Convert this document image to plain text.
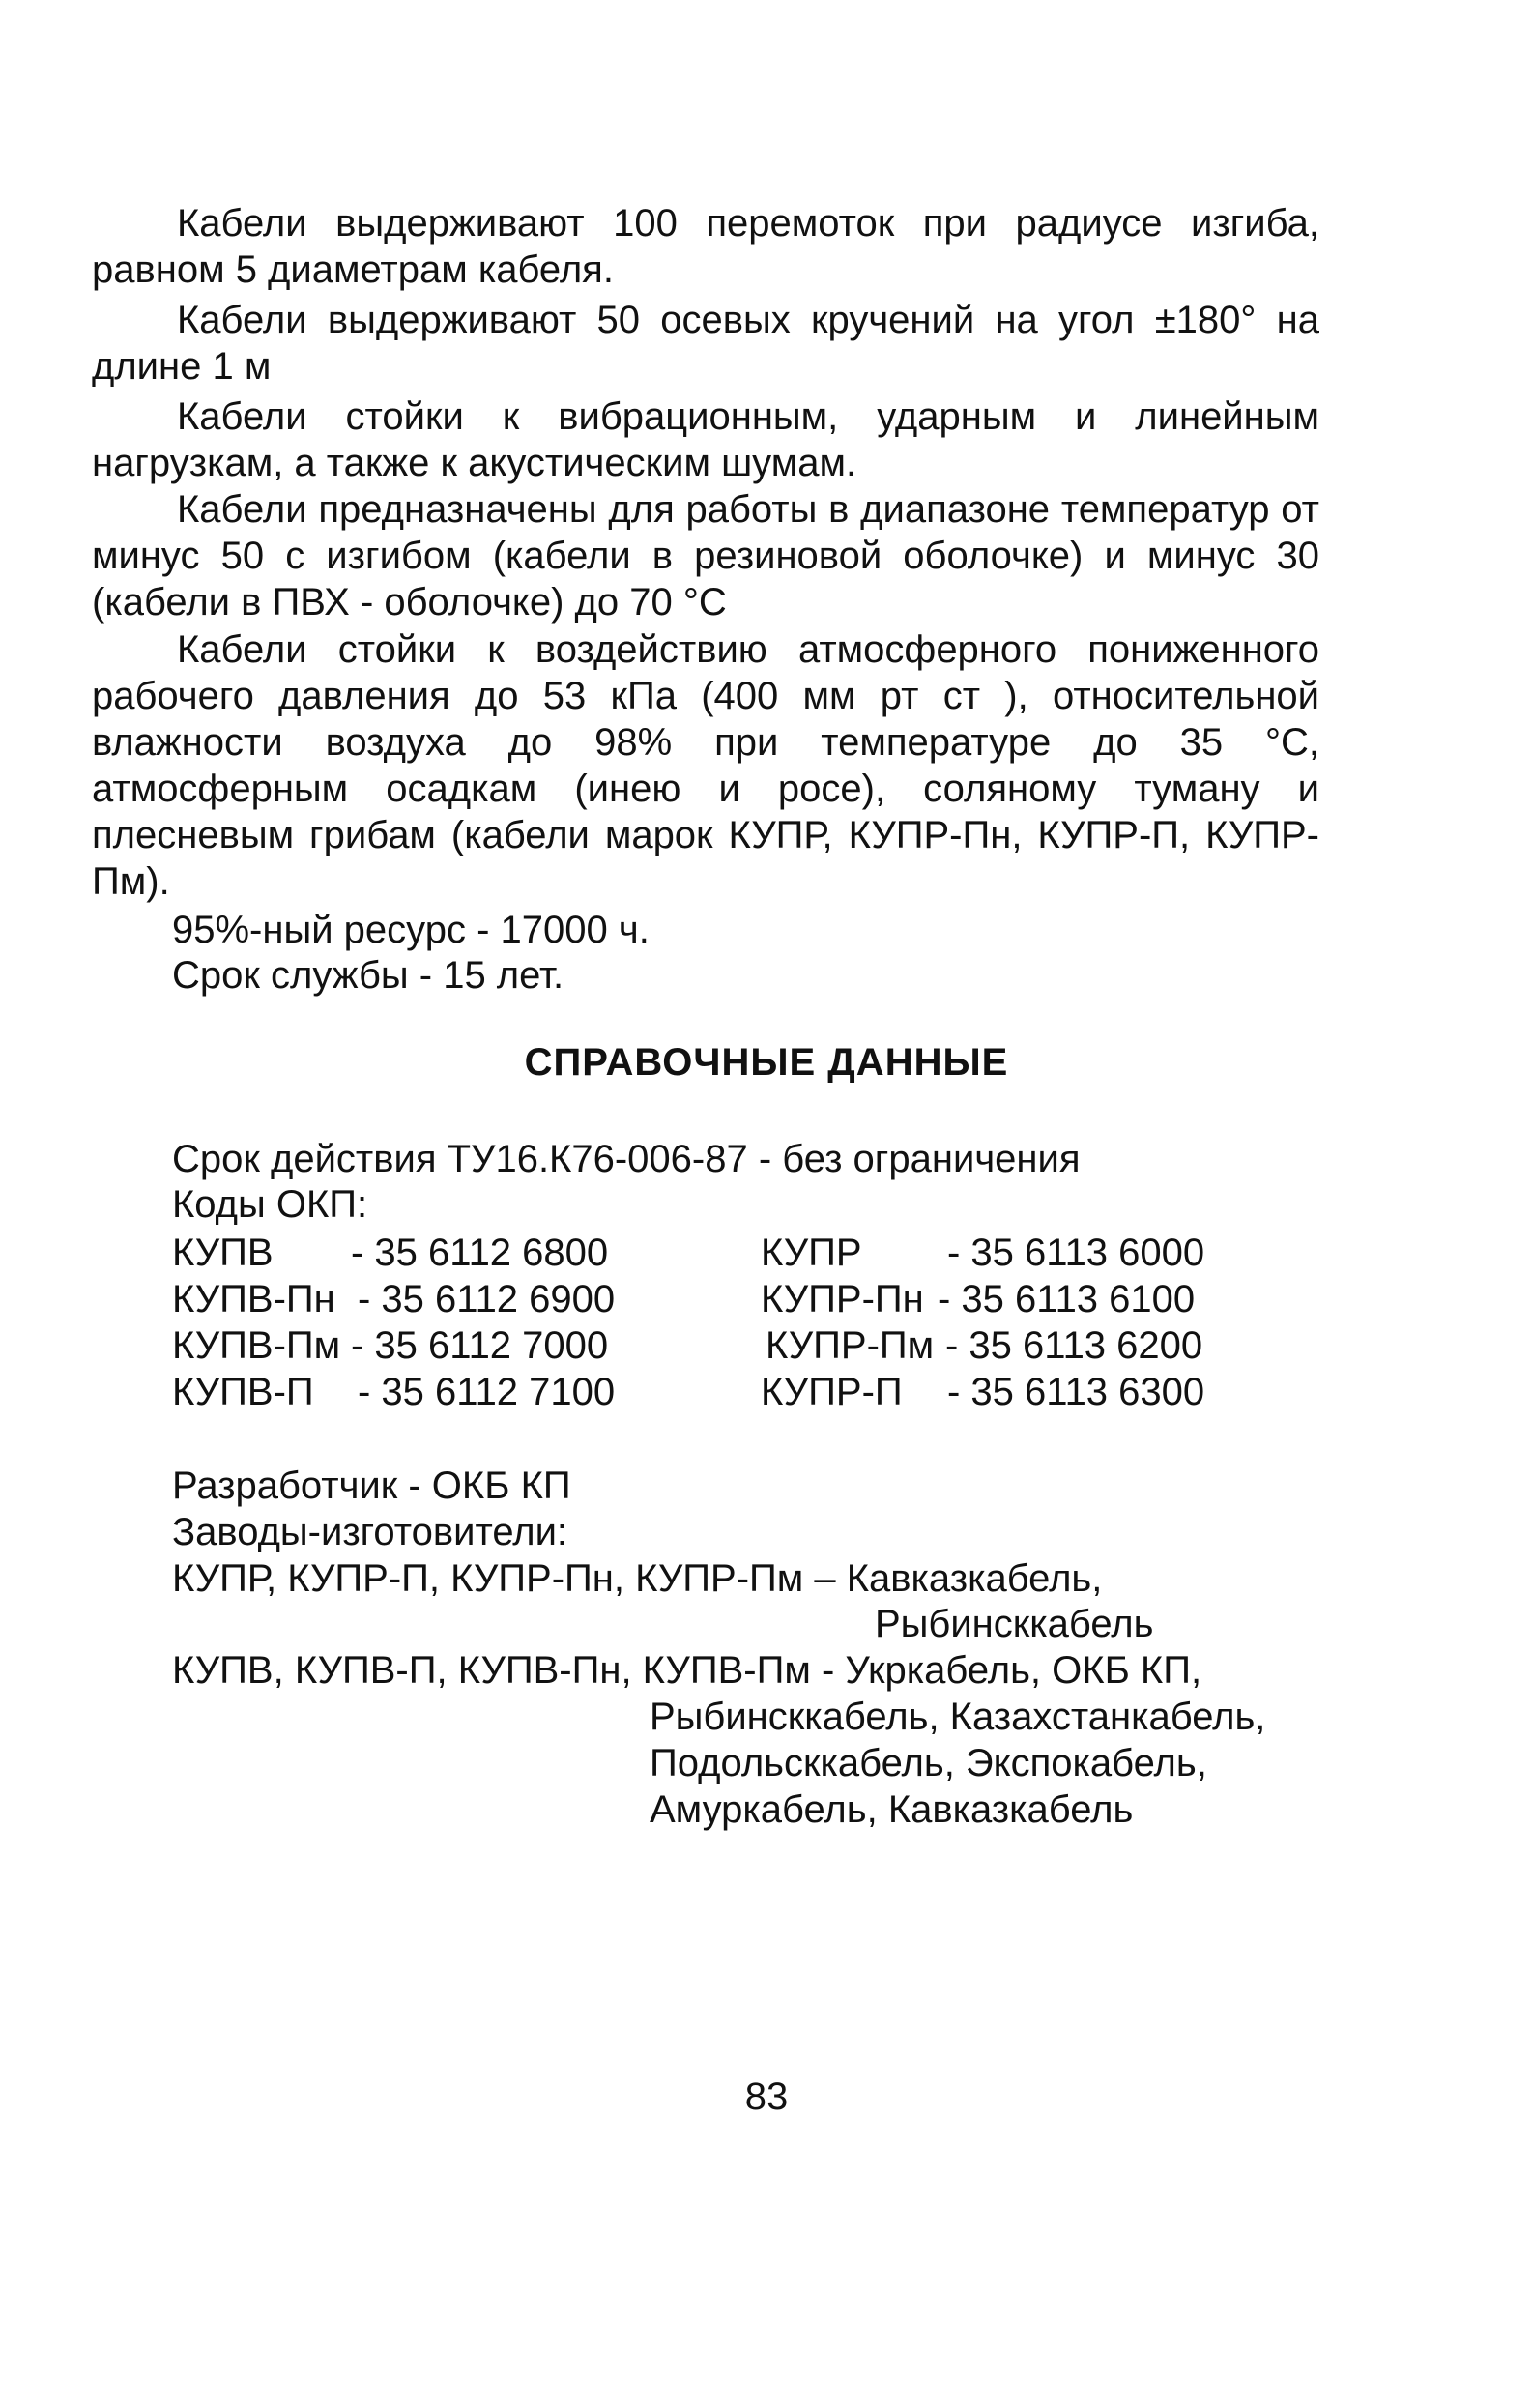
Кабели выдерживают 100 перемоток при радиусе изгиба, равном 5 диаметрам кабеля.

Кабели выдерживают 50 осевых кручений на угол ±180° на длине 1 м

Кабели стойки к вибрационным, ударным и линейным нагрузкам, а также к акустическим шумам.

Кабели предназначены для работы в диапазоне температур от минус 50 с изгибом (кабели в резиновой оболочке) и минус 30 (кабели в ПВХ - оболочке) до 70 °С

Кабели стойки к воздействию атмосферного пониженного рабочего давления до 53 кПа (400 мм рт ст ), относительной влажности воздуха до 98% при температуре до 35 °С, атмосферным осадкам (инею и росе), соляному туману и плесневым грибам (кабели марок КУПР, КУПР-Пн, КУПР-П, КУПР-Пм).

95%-ный ресурс - 17000 ч.

Срок службы - 15 лет.

СПРАВОЧНЫЕ ДАННЫЕ

Срок действия ТУ16.К76-006-87 - без ограничения

Коды ОКП:

КУПВ - 35 6112 6800
КУПВ-Пн - 35 6112 6900
КУПВ-Пм - 35 6112 7000
КУПВ-П - 35 6112 7100
КУПР - 35 6113 6000
КУПР-Пн - 35 6113 6100
КУПР-Пм - 35 6113 6200
КУПР-П - 35 6113 6300

Разработчик - ОКБ КП

Заводы-изготовители:

КУПР, КУПР-П, КУПР-Пн, КУПР-Пм – Кавказкабель,

Рыбинсккабель

КУПВ, КУПВ-П, КУПВ-Пн, КУПВ-Пм - Укркабель, ОКБ КП,

Рыбинсккабель, Казахстанкабель,

Подольсккабель, Экспокабель,

Амуркабель, Кавказкабель

83
